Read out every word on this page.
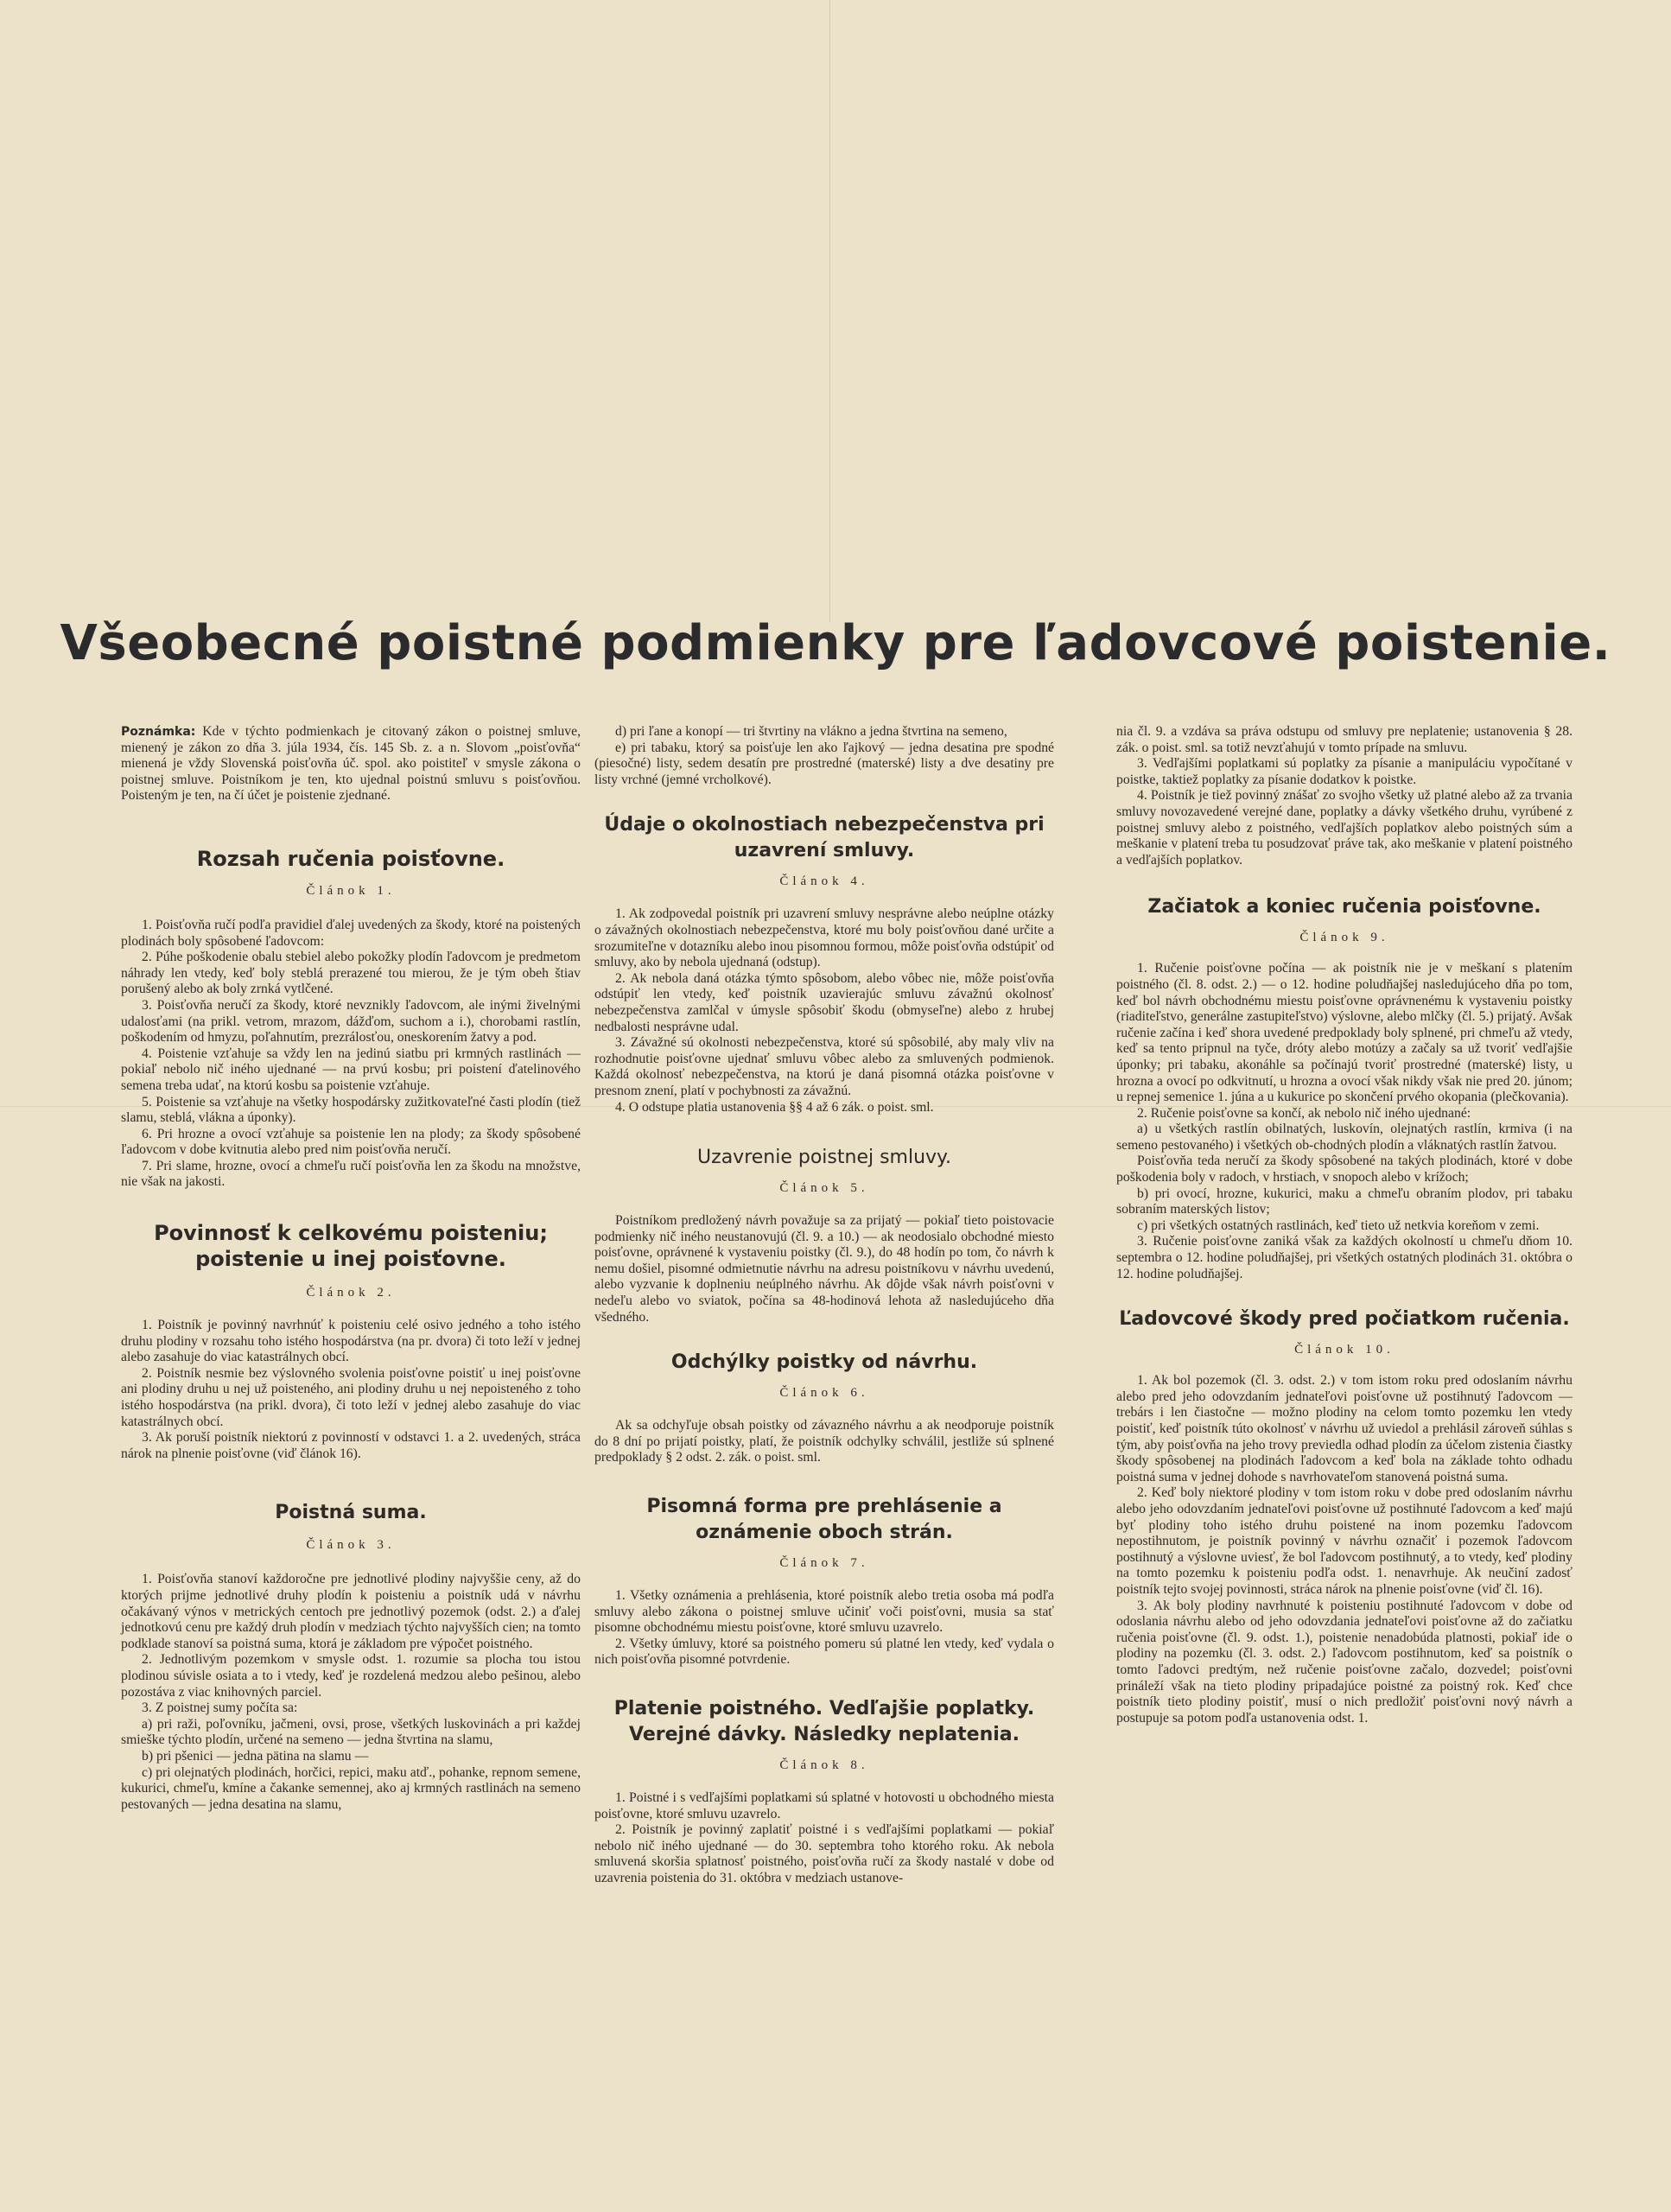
Všeobecné poistné podmienky pre ľadovcové poistenie.

Poznámka: Kde v týchto podmienkach je citovaný zákon o poistnej smluve, mienený je zákon zo dňa 3. júla 1934, čís. 145 Sb. z. a n. Slovom „poisťovňa“ mienená je vždy Slovenská poisťovňa úč. spol. ako poistiteľ v smysle zákona o poistnej smluve. Poistníkom je ten, kto ujednal poistnú smluvu s poisťovňou. Poisteným je ten, na čí účet je poistenie zjednané.

Rozsah ručenia poisťovne.

Článok 1.

1. Poisťovňa ručí podľa pravidiel ďalej uvedených za škody, ktoré na poistených plodinách boly spôsobené ľadovcom:

2. Púhe poškodenie obalu stebiel alebo pokožky plodín ľadovcom je predmetom náhrady len vtedy, keď boly steblá prerazené tou mierou, že je tým obeh štiav porušený alebo ak boly zrnká vytlčené.

3. Poisťovňa neručí za škody, ktoré nevznikly ľadovcom, ale inými živelnými udalosťami (na prikl. vetrom, mrazom, dážďom, suchom a i.), chorobami rastlín, poškodením od hmyzu, poľahnutím, prezrálosťou, oneskorením žatvy a pod.

4. Poistenie vzťahuje sa vždy len na jedinú siatbu pri krmných rastlinách — pokiaľ nebolo nič iného ujednané — na prvú kosbu; pri poistení ďatelinového semena treba udať, na ktorú kosbu sa poistenie vzťahuje.

5. Poistenie sa vzťahuje na všetky hospodársky zužitkovateľné časti plodín (tiež slamu, steblá, vlákna a úponky).

6. Pri hrozne a ovocí vzťahuje sa poistenie len na plody; za škody spôsobené ľadovcom v dobe kvitnutia alebo pred nim poisťovňa neručí.

7. Pri slame, hrozne, ovocí a chmeľu ručí poisťovňa len za škodu na množstve, nie však na jakosti.

Povinnosť k celkovému poisteniu; poistenie u inej poisťovne.

Článok 2.

1. Poistník je povinný navrhnúť k poisteniu celé osivo jedného a toho istého druhu plodiny v rozsahu toho istého hospodárstva (na pr. dvora) či toto leží v jednej alebo zasahuje do viac katastrálnych obcí.

2. Poistník nesmie bez výslovného svolenia poisťovne poistiť u inej poisťovne ani plodiny druhu u nej už poisteného, ani plodiny druhu u nej nepoisteného z toho istého hospodárstva (na prikl. dvora), či toto leží v jednej alebo zasahuje do viac katastrálnych obcí.

3. Ak poruší poistník niektorú z povinností v odstavci 1. a 2. uvedených, stráca nárok na plnenie poisťovne (viď článok 16).

Poistná suma.

Článok 3.

1. Poisťovňa stanoví každoročne pre jednotlivé plodiny najvyššie ceny, až do ktorých prijme jednotlivé druhy plodín k poisteniu a poistník udá v návrhu očakávaný výnos v metrických centoch pre jednotlivý pozemok (odst. 2.) a ďalej jednotkovú cenu pre každý druh plodín v medziach týchto najvyšších cien; na tomto podklade stanoví sa poistná suma, ktorá je základom pre výpočet poistného.

2. Jednotlivým pozemkom v smysle odst. 1. rozumie sa plocha tou istou plodinou súvisle osiata a to i vtedy, keď je rozdelená medzou alebo pešinou, alebo pozostáva z viac knihovných parciel.

3. Z poistnej sumy počíta sa:

a) pri raži, poľovníku, jačmeni, ovsi, prose, všetkých luskovinách a pri každej smieške týchto plodín, určené na semeno — jedna štvrtina na slamu,

b) pri pšenici — jedna pätina na slamu —

c) pri olejnatých plodinách, horčici, repici, maku atď., pohanke, repnom semene, kukurici, chmeľu, kmíne a čakanke semennej, ako aj krmných rastlinách na semeno pestovaných — jedna desatina na slamu,

d) pri ľane a konopí — tri štvrtiny na vlákno a jedna štvrtina na semeno,

e) pri tabaku, ktorý sa poisťuje len ako ľajkový — jedna desatina pre spodné (piesočné) listy, sedem desatín pre prostredné (materské) listy a dve desatiny pre listy vrchné (jemné vrcholkové).

Údaje o okolnostiach nebezpečenstva pri uzavrení smluvy.

Článok 4.

1. Ak zodpovedal poistník pri uzavrení smluvy nesprávne alebo neúplne otázky o závažných okolnostiach nebezpečenstva, ktoré mu boly poisťovňou dané určite a srozumiteľne v dotazníku alebo inou pisomnou formou, môže poisťovňa odstúpiť od smluvy, ako by nebola ujednaná (odstup).

2. Ak nebola daná otázka týmto spôsobom, alebo vôbec nie, môže poisťovňa odstúpiť len vtedy, keď poistník uzavierajúc smluvu závažnú okolnosť nebezpečenstva zamlčal v úmysle spôsobiť škodu (obmyseľne) alebo z hrubej nedbalosti nesprávne udal.

3. Závažné sú okolnosti nebezpečenstva, ktoré sú spôsobilé, aby maly vliv na rozhodnutie poisťovne ujednať smluvu vôbec alebo za smluvených podmienok. Každá okolnosť nebezpečenstva, na ktorú je daná pisomná otázka poisťovne v presnom znení, platí v pochybnosti za závažnú.

4. O odstupe platia ustanovenia §§ 4 až 6 zák. o poist. sml.

Uzavrenie poistnej smluvy.

Článok 5.

Poistníkom predložený návrh považuje sa za prijatý — pokiaľ tieto poistovacie podmienky nič iného neustanovujú (čl. 9. a 10.) — ak neodosialo obchodné miesto poisťovne, oprávnené k vystaveniu poistky (čl. 9.), do 48 hodín po tom, čo návrh k nemu došiel, pisomné odmietnutie návrhu na adresu poistníkovu v návrhu uvedenú, alebo vyzvanie k doplneniu neúplného návrhu. Ak dôjde však návrh poisťovni v nedeľu alebo vo sviatok, počína sa 48-hodinová lehota až nasledujúceho dňa všedného.

Odchýlky poistky od návrhu.

Článok 6.

Ak sa odchyľuje obsah poistky od závazného návrhu a ak neodporuje poistník do 8 dní po prijatí poistky, platí, že poistník odchylky schválil, jestliže sú splnené predpoklady § 2 odst. 2. zák. o poist. sml.

Pisomná forma pre prehlásenie a oznámenie oboch strán.

Článok 7.

1. Všetky oznámenia a prehlásenia, ktoré poistník alebo tretia osoba má podľa smluvy alebo zákona o poistnej smluve učiniť voči poisťovni, musia sa stať pisomne obchodnému miestu poisťovne, ktoré smluvu uzavrelo.

2. Všetky úmluvy, ktoré sa poistného pomeru sú platné len vtedy, keď vydala o nich poisťovňa pisomné potvrdenie.

Platenie poistného. Vedľajšie poplatky. Verejné dávky. Následky neplatenia.

Článok 8.

1. Poistné i s vedľajšími poplatkami sú splatné v hotovosti u obchodného miesta poisťovne, ktoré smluvu uzavrelo.

2. Poistník je povinný zaplatiť poistné i s vedľajšími poplatkami — pokiaľ nebolo nič iného ujednané — do 30. septembra toho ktorého roku. Ak nebola smluvená skoršia splatnosť poistného, poisťovňa ručí za škody nastalé v dobe od uzavrenia poistenia do 31. októbra v medziach ustanove-

nia čl. 9. a vzdáva sa práva odstupu od smluvy pre neplatenie; ustanovenia § 28. zák. o poist. sml. sa totiž nevzťahujú v tomto prípade na smluvu.

3. Vedľajšími poplatkami sú poplatky za písanie a manipuláciu vypočítané v poistke, taktiež poplatky za písanie dodatkov k poistke.

4. Poistník je tiež povinný znášať zo svojho všetky už platné alebo až za trvania smluvy novozavedené verejné dane, poplatky a dávky všetkého druhu, vyrúbené z poistnej smluvy alebo z poistného, vedľajších poplatkov alebo poistných súm a meškanie v platení treba tu posudzovať práve tak, ako meškanie v platení poistného a vedľajších poplatkov.

Začiatok a koniec ručenia poisťovne.

Článok 9.

1. Ručenie poisťovne počína — ak poistník nie je v meškaní s platením poistného (čl. 8. odst. 2.) — o 12. hodine poludňajšej nasledujúceho dňa po tom, keď bol návrh obchodnému miestu poisťovne oprávnenému k vystaveniu poistky (riaditeľstvo, generálne zastupiteľstvo) výslovne, alebo mlčky (čl. 5.) prijatý. Avšak ručenie začína i keď shora uvedené predpoklady boly splnené, pri chmeľu až vtedy, keď sa tento pripnul na tyče, dróty alebo motúzy a začaly sa už tvoriť vedľajšie úponky; pri tabaku, akonáhle sa počínajú tvoriť prostredné (materské) listy, u hrozna a ovocí po odkvitnutí, u hrozna a ovocí však nikdy však nie pred 20. júnom; u repnej semenice 1. júna a u kukurice po skončení prvého okopania (plečkovania).

2. Ručenie poisťovne sa končí, ak nebolo nič iného ujednané:

a) u všetkých rastlín obilnatých, luskovín, olejnatých rastlín, krmiva (i na semeno pestovaného) i všetkých ob-chodných plodín a vláknatých rastlín žatvou.

Poisťovňa teda neručí za škody spôsobené na takých plodinách, ktoré v dobe poškodenia boly v radoch, v hrstiach, v snopoch alebo v krížoch;

b) pri ovocí, hrozne, kukurici, maku a chmeľu obraním plodov, pri tabaku sobraním materských listov;

c) pri všetkých ostatných rastlinách, keď tieto už netkvia koreňom v zemi.

3. Ručenie poisťovne zaniká však za každých okolností u chmeľu dňom 10. septembra o 12. hodine poludňajšej, pri všetkých ostatných plodinách 31. októbra o 12. hodine poludňajšej.

Ľadovcové škody pred počiatkom ručenia.

Článok 10.

1. Ak bol pozemok (čl. 3. odst. 2.) v tom istom roku pred odoslaním návrhu alebo pred jeho odovzdaním jednateľovi poisťovne už postihnutý ľadovcom — trebárs i len čiastočne — možno plodiny na celom tomto pozemku len vtedy poistiť, keď poistník túto okolnosť v návrhu už uviedol a prehlásil zároveň súhlas s tým, aby poisťovňa na jeho trovy previedla odhad plodín za účelom zistenia čiastky škody spôsobenej na plodinách ľadovcom a keď bola na základe tohto odhadu poistná suma v jednej dohode s navrhovateľom stanovená poistná suma.

2. Keď boly niektoré plodiny v tom istom roku v dobe pred odoslaním návrhu alebo jeho odovzdaním jednateľovi poisťovne už postihnuté ľadovcom a keď majú byť plodiny toho istého druhu poistené na inom pozemku ľadovcom nepostihnutom, je poistník povinný v návrhu označiť i pozemok ľadovcom postihnutý a výslovne uviesť, že bol ľadovcom postihnutý, a to vtedy, keď plodiny na tomto pozemku k poisteniu podľa odst. 1. nenavrhuje. Ak neučiní zadosť poistník tejto svojej povinnosti, stráca nárok na plnenie poisťovne (viď čl. 16).

3. Ak boly plodiny navrhnuté k poisteniu postihnuté ľadovcom v dobe od odoslania návrhu alebo od jeho odovzdania jednateľovi poisťovne až do začiatku ručenia poisťovne (čl. 9. odst. 1.), poistenie nenadobúda platnosti, pokiaľ ide o plodiny na pozemku (čl. 3. odst. 2.) ľadovcom postihnutom, keď sa poistník o tomto ľadovci predtým, než ručenie poisťovne začalo, dozvedel; poisťovni prináleží však na tieto plodiny pripadajúce poistné za poistný rok. Keď chce poistník tieto plodiny poistiť, musí o nich predložiť poisťovni nový návrh a postupuje sa potom podľa ustanovenia odst. 1.
